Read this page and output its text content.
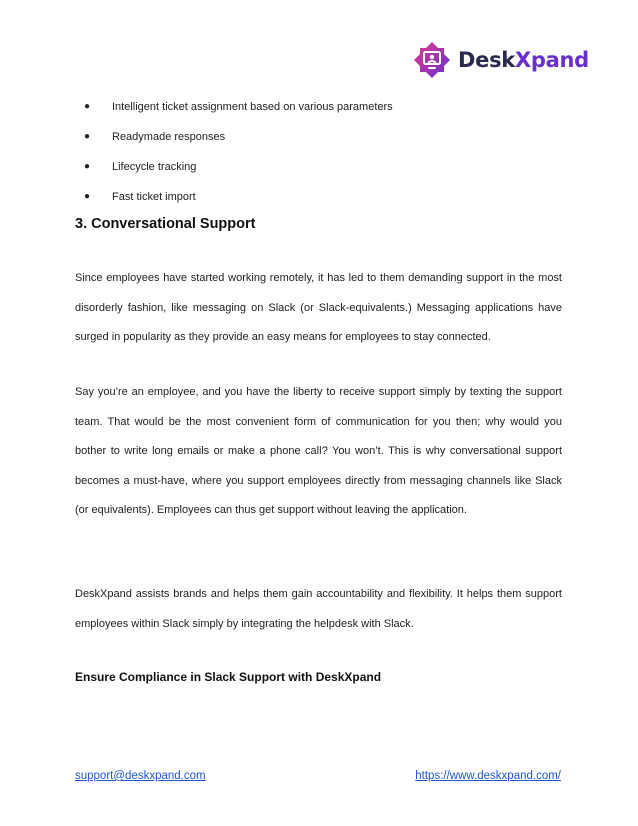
DeskXpand
● Intelligent ticket assignment based on various parameters
● Readymade responses
● Lifecycle tracking
● Fast ticket import
3. Conversational Support

Since employees have started working remotely, it has led to them demanding support in the most disorderly fashion, like messaging on Slack (or Slack-equivalents.) Messaging applications have surged in popularity as they provide an easy means for employees to stay connected.

Say you’re an employee, and you have the liberty to receive support simply by texting the support team. That would be the most convenient form of communication for you then; why would you bother to write long emails or make a phone call? You won’t. This is why conversational support becomes a must-have, where you support employees directly from messaging channels like Slack (or equivalents). Employees can thus get support without leaving the application.

DeskXpand assists brands and helps them gain accountability and flexibility. It helps them support employees within Slack simply by integrating the helpdesk with Slack.

Ensure Compliance in Slack Support with DeskXpand
support@deskxpand.com	https://www.deskxpand.com/
